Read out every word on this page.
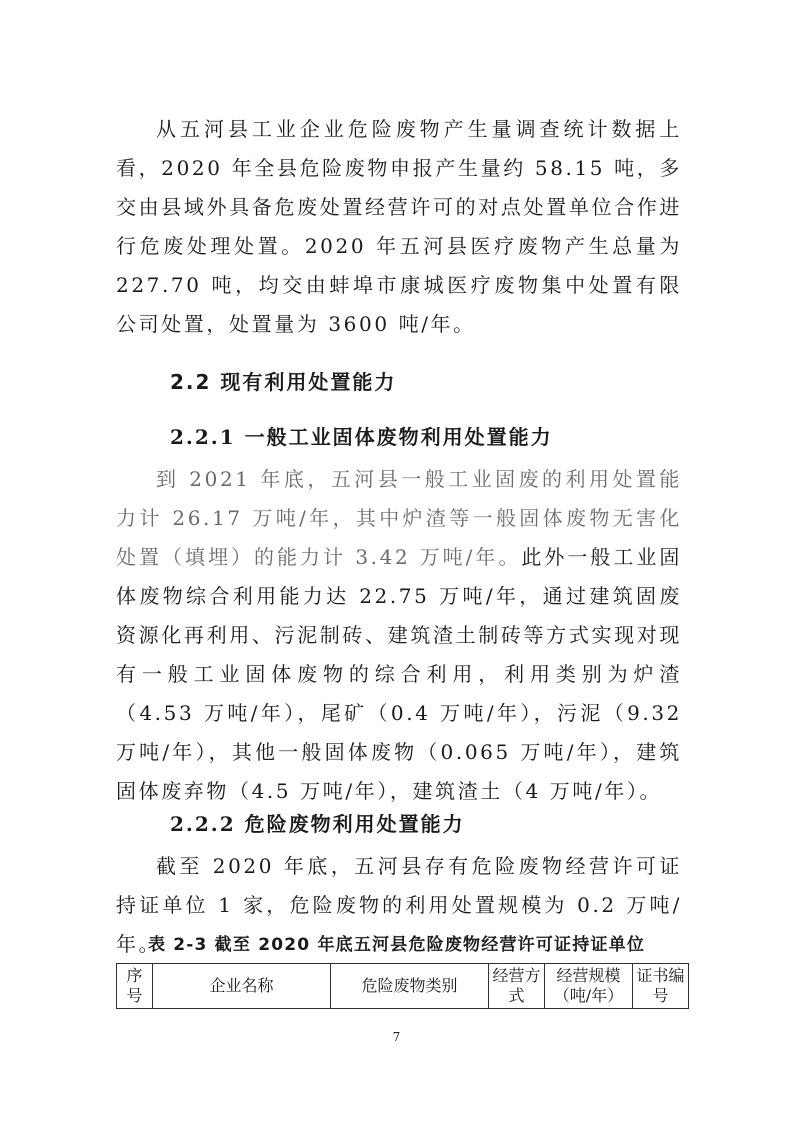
从五河县工业企业危险废物产生量调查统计数据上看，2020 年全县危险废物申报产生量约 58.15 吨，多交由县域外具备危废处置经营许可的对点处置单位合作进行危废处理处置。2020 年五河县医疗废物产生总量为 227.70 吨，均交由蚌埠市康城医疗废物集中处置有限公司处置，处置量为 3600 吨/年。

2.2 现有利用处置能力
2.2.1 一般工业固体废物利用处置能力

到 2021 年底，五河县一般工业固废的利用处置能力计 26.17 万吨/年，其中炉渣等一般固体废物无害化处置（填埋）的能力计 3.42 万吨/年。此外一般工业固体废物综合利用能力达 22.75 万吨/年，通过建筑固废资源化再利用、污泥制砖、建筑渣土制砖等方式实现对现有一般工业固体废物的综合利用，利用类别为炉渣（4.53 万吨/年），尾矿（0.4 万吨/年），污泥（9.32 万吨/年），其他一般固体废物（0.065 万吨/年），建筑固体废弃物（4.5 万吨/年），建筑渣土（4 万吨/年）。

2.2.2 危险废物利用处置能力

截至 2020 年底，五河县存有危险废物经营许可证持证单位 1 家，危险废物的利用处置规模为 0.2 万吨/年。

表 2-3 截至 2020 年底五河县危险废物经营许可证持证单位

序号	企业名称	危险废物类别	经营方式	经营规模（吨/年）	证书编号
7
